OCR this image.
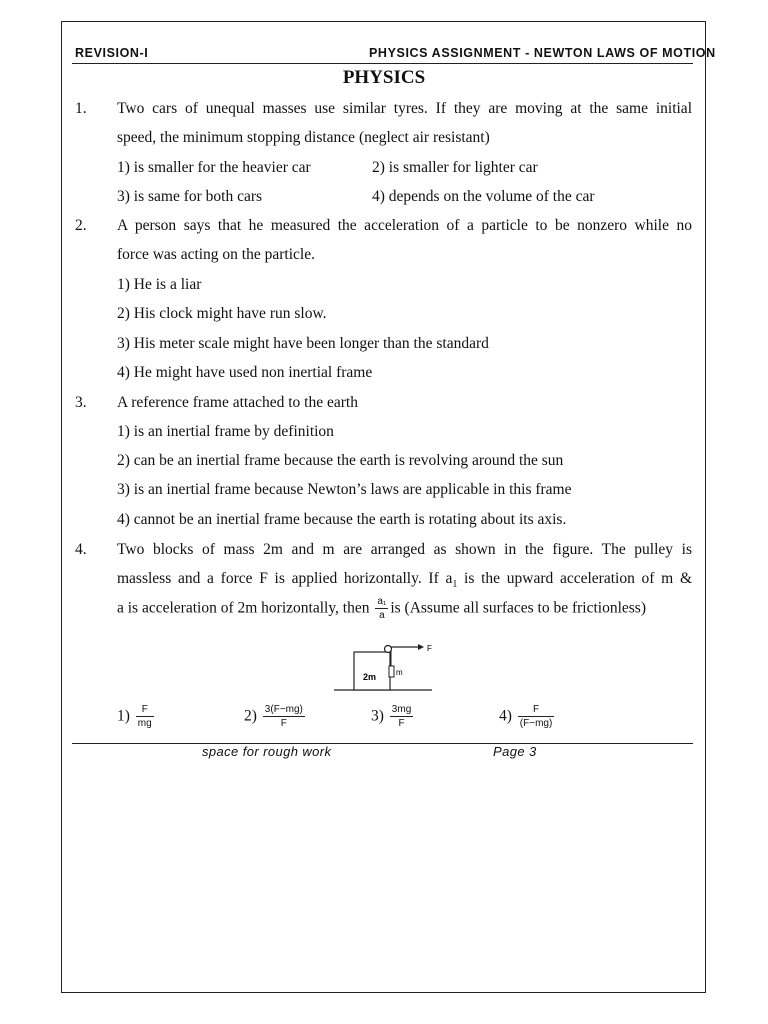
REVISION-I	PHYSICS ASSIGNMENT - NEWTON LAWS OF MOTION
PHYSICS
1. Two cars of unequal masses use similar tyres. If they are moving at the same initial
speed, the minimum stopping distance (neglect air resistant)
1) is smaller for the heavier car	2) is smaller for lighter car
3) is same for both cars	4) depends on the volume of the car
2. A person says that he measured the acceleration of a particle to be nonzero while no
force was acting on the particle.
1) He is a liar
2) His clock might have run slow.
3) His meter scale might have been longer than the standard
4) He might have used non inertial frame
3. A reference frame attached to the earth
1) is an inertial frame by definition
2) can be an inertial frame because the earth is revolving around the sun
3) is an inertial frame because Newton’s laws are applicable in this frame
4) cannot be an inertial frame because the earth is rotating about its axis.
4. Two blocks of mass 2m and m are arranged as shown in the figure. The pulley is
massless and a force F is applied horizontally. If $a_1$ is the upward acceleration of m &
a is acceleration of 2m horizontally, then $\frac{\text{a₁}}{a}$ is (Assume all surfaces to be frictionless)
F
2m m
$1) \frac{F}{mg}$	$2) \frac{3(F-mg)}{F}$	$3) \frac{3mg}{F}$	$4) \frac{F}{(F-mg)}$
space for rough work	Page 3
